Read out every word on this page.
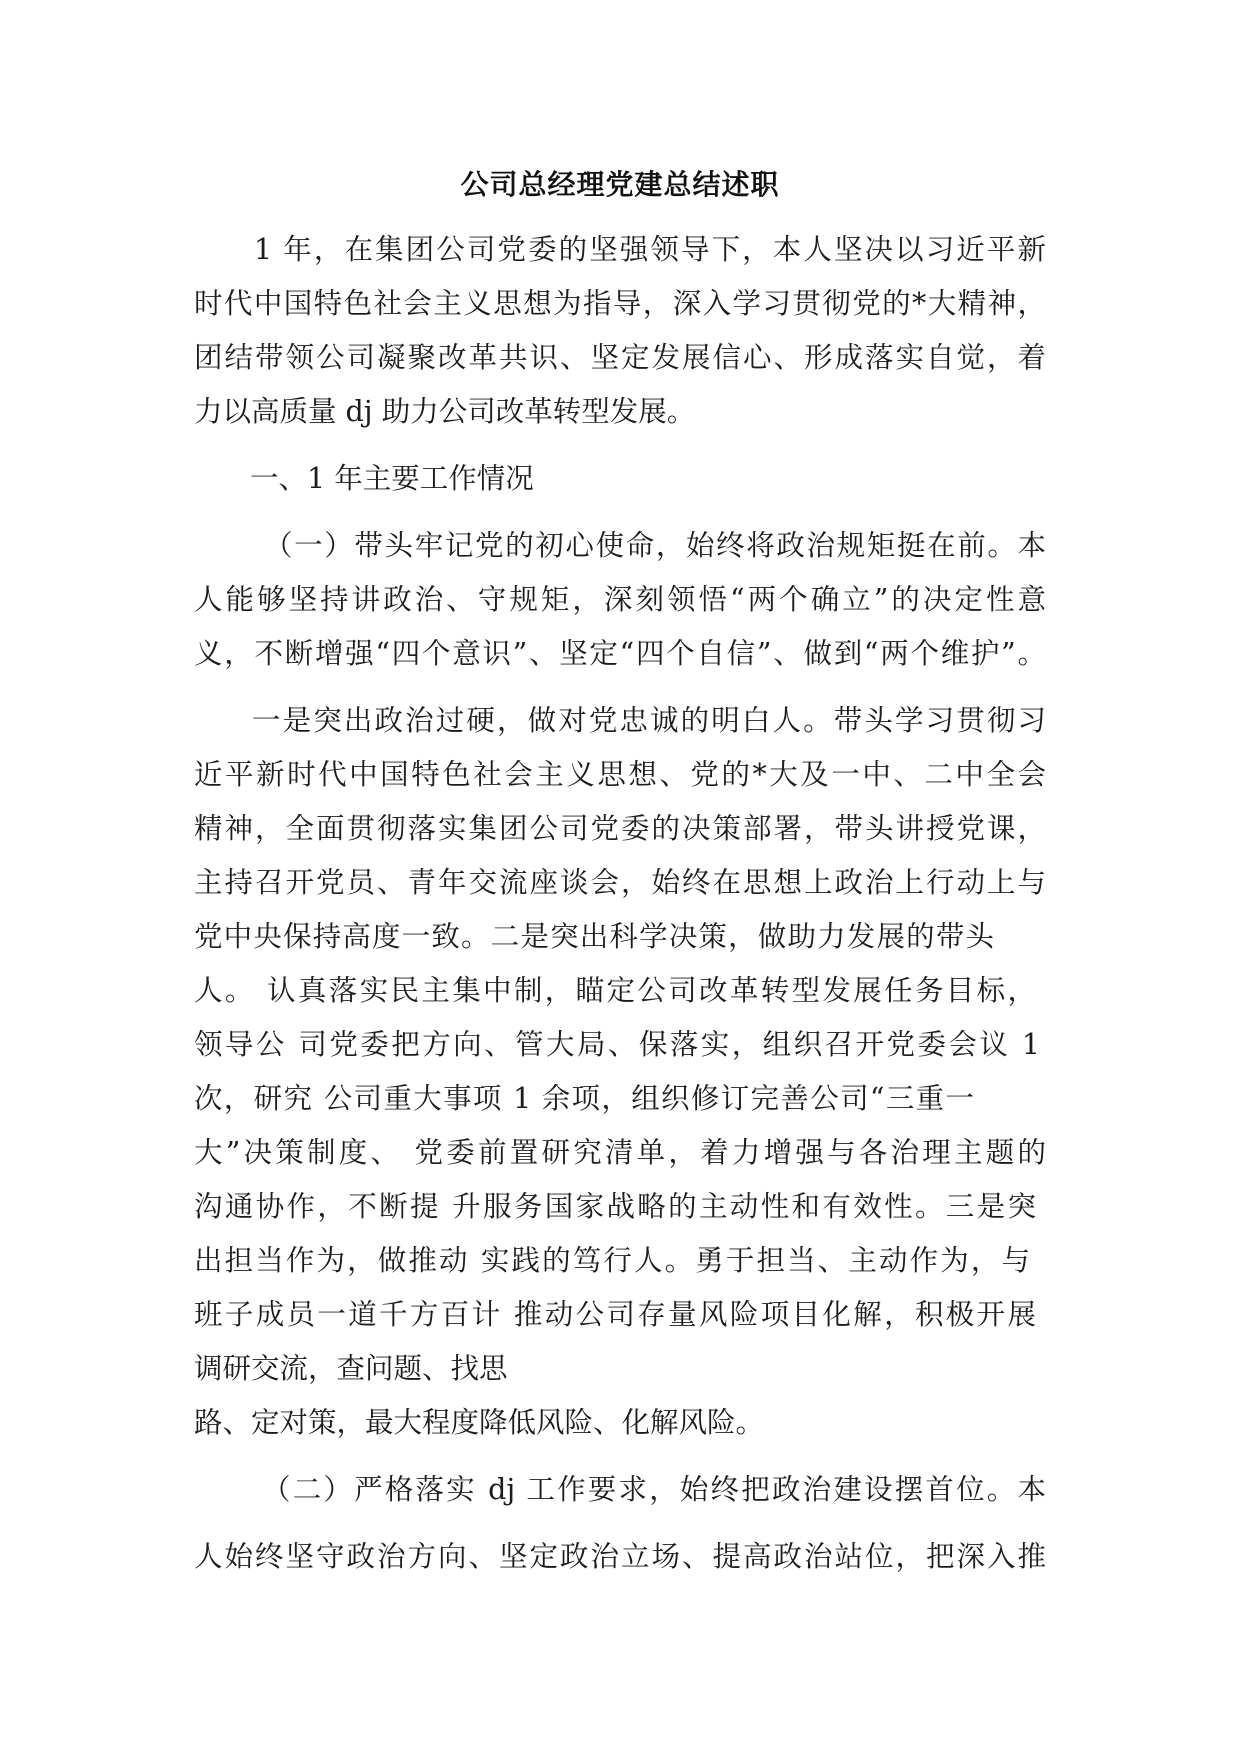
公司总经理党建总结述职
1 年，在集团公司党委的坚强领导下，本人坚决以习近平新
时代中国特色社会主义思想为指导，深入学习贯彻党的*大精神，
团结带领公司凝聚改革共识、坚定发展信心、形成落实自觉，着
力以高质量 dj 助力公司改革转型发展。
一、1 年主要工作情况
（一）带头牢记党的初心使命，始终将政治规矩挺在前。本
人能够坚持讲政治、守规矩，深刻领悟“两个确立”的决定性意
义，不断增强“四个意识”、坚定“四个自信”、做到“两个维护”。
一是突出政治过硬，做对党忠诚的明白人。带头学习贯彻习
近平新时代中国特色社会主义思想、党的*大及一中、二中全会
精神，全面贯彻落实集团公司党委的决策部署，带头讲授党课，
主持召开党员、青年交流座谈会，始终在思想上政治上行动上与
党中央保持高度一致。二是突出科学决策，做助力发展的带头
人。 认真落实民主集中制，瞄定公司改革转型发展任务目标，
领导公 司党委把方向、管大局、保落实，组织召开党委会议 1
次，研究 公司重大事项 1 余项，组织修订完善公司“三重一
大”决策制度、 党委前置研究清单，着力增强与各治理主题的
沟通协作，不断提 升服务国家战略的主动性和有效性。三是突
出担当作为，做推动 实践的笃行人。勇于担当、主动作为，与
班子成员一道千方百计 推动公司存量风险项目化解，积极开展
调研交流，查问题、找思
路、定对策，最大程度降低风险、化解风险。
（二）严格落实 dj 工作要求，始终把政治建设摆首位。本
人始终坚守政治方向、坚定政治立场、提高政治站位，把深入推
